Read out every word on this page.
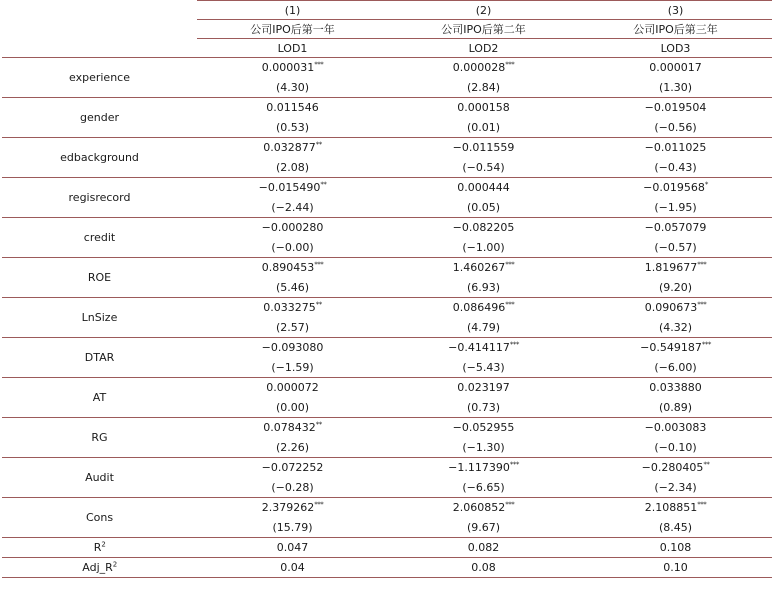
	(1)	(2)	(3)
	公司IPO后第一年	公司IPO后第二年	公司IPO后第三年
	LOD1	LOD2	LOD3
experience	0.000031***	0.000028***	0.000017
	(4.30)	(2.84)	(1.30)
gender	0.011546	0.000158	−0.019504
	(0.53)	(0.01)	(−0.56)
edbackground	0.032877**	−0.011559	−0.011025
	(2.08)	(−0.54)	(−0.43)
regisrecord	−0.015490**	0.000444	−0.019568*
	(−2.44)	(0.05)	(−1.95)
credit	−0.000280	−0.082205	−0.057079
	(−0.00)	(−1.00)	(−0.57)
ROE	0.890453***	1.460267***	1.819677***
	(5.46)	(6.93)	(9.20)
LnSize	0.033275**	0.086496***	0.090673***
	(2.57)	(4.79)	(4.32)
DTAR	−0.093080	−0.414117***	−0.549187***
	(−1.59)	(−5.43)	(−6.00)
AT	0.000072	0.023197	0.033880
	(0.00)	(0.73)	(0.89)
RG	0.078432**	−0.052955	−0.003083
	(2.26)	(−1.30)	(−0.10)
Audit	−0.072252	−1.117390***	−0.280405**
	(−0.28)	(−6.65)	(−2.34)
Cons	2.379262***	2.060852***	2.108851***
	(15.79)	(9.67)	(8.45)
$R^2$	0.047	0.082	0.108
$Adj\_R^2$	0.04	0.08	0.10
